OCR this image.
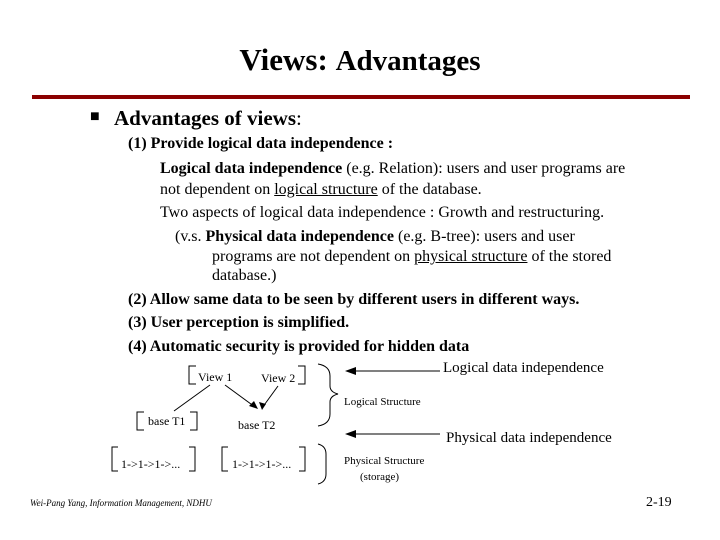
Views: Advantages
■ Advantages of views:
(1) Provide logical data independence :
Logical data independence (e.g. Relation): users and user programs are
not dependent on logical structure of the database.
Two aspects of logical data independence : Growth and restructuring.
(v.s. Physical data independence (e.g. B-tree): users and user
programs are not dependent on physical structure of the stored
database.)
(2) Allow same data to be seen by different users in different ways.
(3) User perception is simplified.
(4) Automatic security is provided for hidden data
View 1 View 2
base T1	base T2
1->1->1->...	1->1->1->...
Logical data independence
Logical Structure
Physical data independence
Physical Structure
(storage)
Wei-Pang Yang, Information Management, NDHU	2-19
